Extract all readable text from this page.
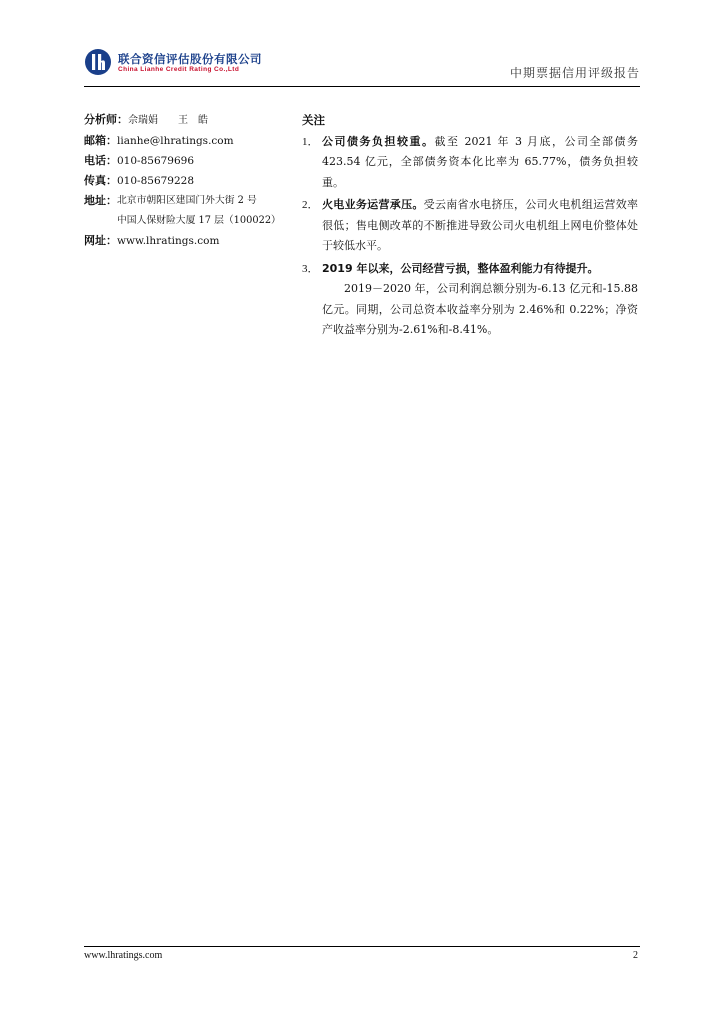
联合资信评估股份有限公司
China Lianhe Credit Rating Co.,Ltd	中期票据信用评级报告
分析师：佘瑞娟　　王　皓
邮箱：lianhe@lhratings.com
电话：010-85679696
传真：010-85679228
地址： 北京市朝阳区建国门外大街 2 号
中国人保财险大厦 17 层（100022）
网址：www.lhratings.com
关注
1． 公司债务负担较重。截至 2021 年 3 月底，公司全部债务 423.54 亿元，全部债务资本化比率为 65.77%，债务负担较重。
2． 火电业务运营承压。受云南省水电挤压，公司火电机组运营效率很低；售电侧改革的不断推进导致公司火电机组上网电价整体处于较低水平。
3． 2019 年以来，公司经营亏损，整体盈利能力有待提升。
2019－2020 年，公司利润总额分别为-6.13 亿元和-15.88 亿元。同期，公司总资本收益率分别为 2.46%和 0.22%；净资产收益率分别为-2.61%和-8.41%。
www.lhratings.com	2
